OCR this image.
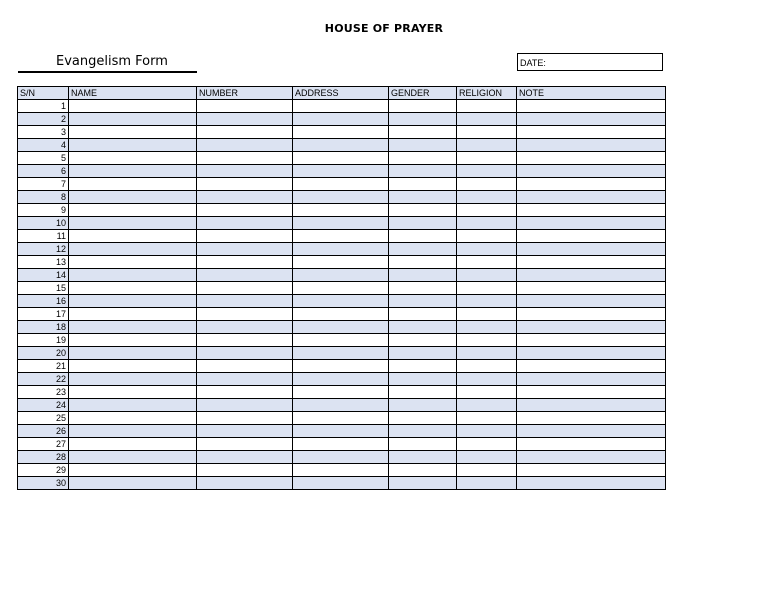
HOUSE OF PRAYER
Evangelism Form	DATE:
S/N	NAME	NUMBER	ADDRESS	GENDER	RELIGION	NOTE
1						
2						
3						
4						
5						
6						
7						
8						
9						
10						
11						
12						
13						
14						
15						
16						
17						
18						
19						
20						
21						
22						
23						
24						
25						
26						
27						
28						
29						
30						
